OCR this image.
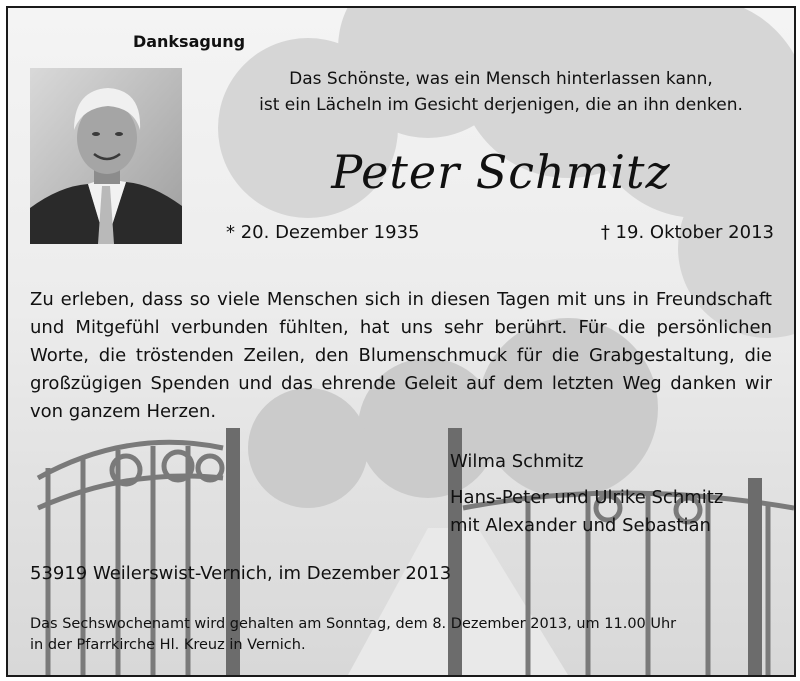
Danksagung
Das Schönste, was ein Mensch hinterlassen kann,
ist ein Lächeln im Gesicht derjenigen, die an ihn denken.
Peter Schmitz
* 20. Dezember 1935	† 19. Oktober 2013
Zu erleben, dass so viele Menschen sich in diesen Tagen mit uns in Freundschaft und Mitgefühl verbunden fühlten, hat uns sehr berührt. Für die persönlichen Worte, die tröstenden Zeilen, den Blumenschmuck für die Grabgestaltung, die großzügigen Spenden und das ehrende Geleit auf dem letzten Weg danken wir von ganzem Herzen.
Wilma Schmitz
Hans-Peter und Ulrike Schmitz
mit Alexander und Sebastian
53919 Weilerswist-Vernich, im Dezember 2013
Das Sechswochenamt wird gehalten am Sonntag, dem 8. Dezember 2013, um 11.00 Uhr
in der Pfarrkirche Hl. Kreuz in Vernich.
